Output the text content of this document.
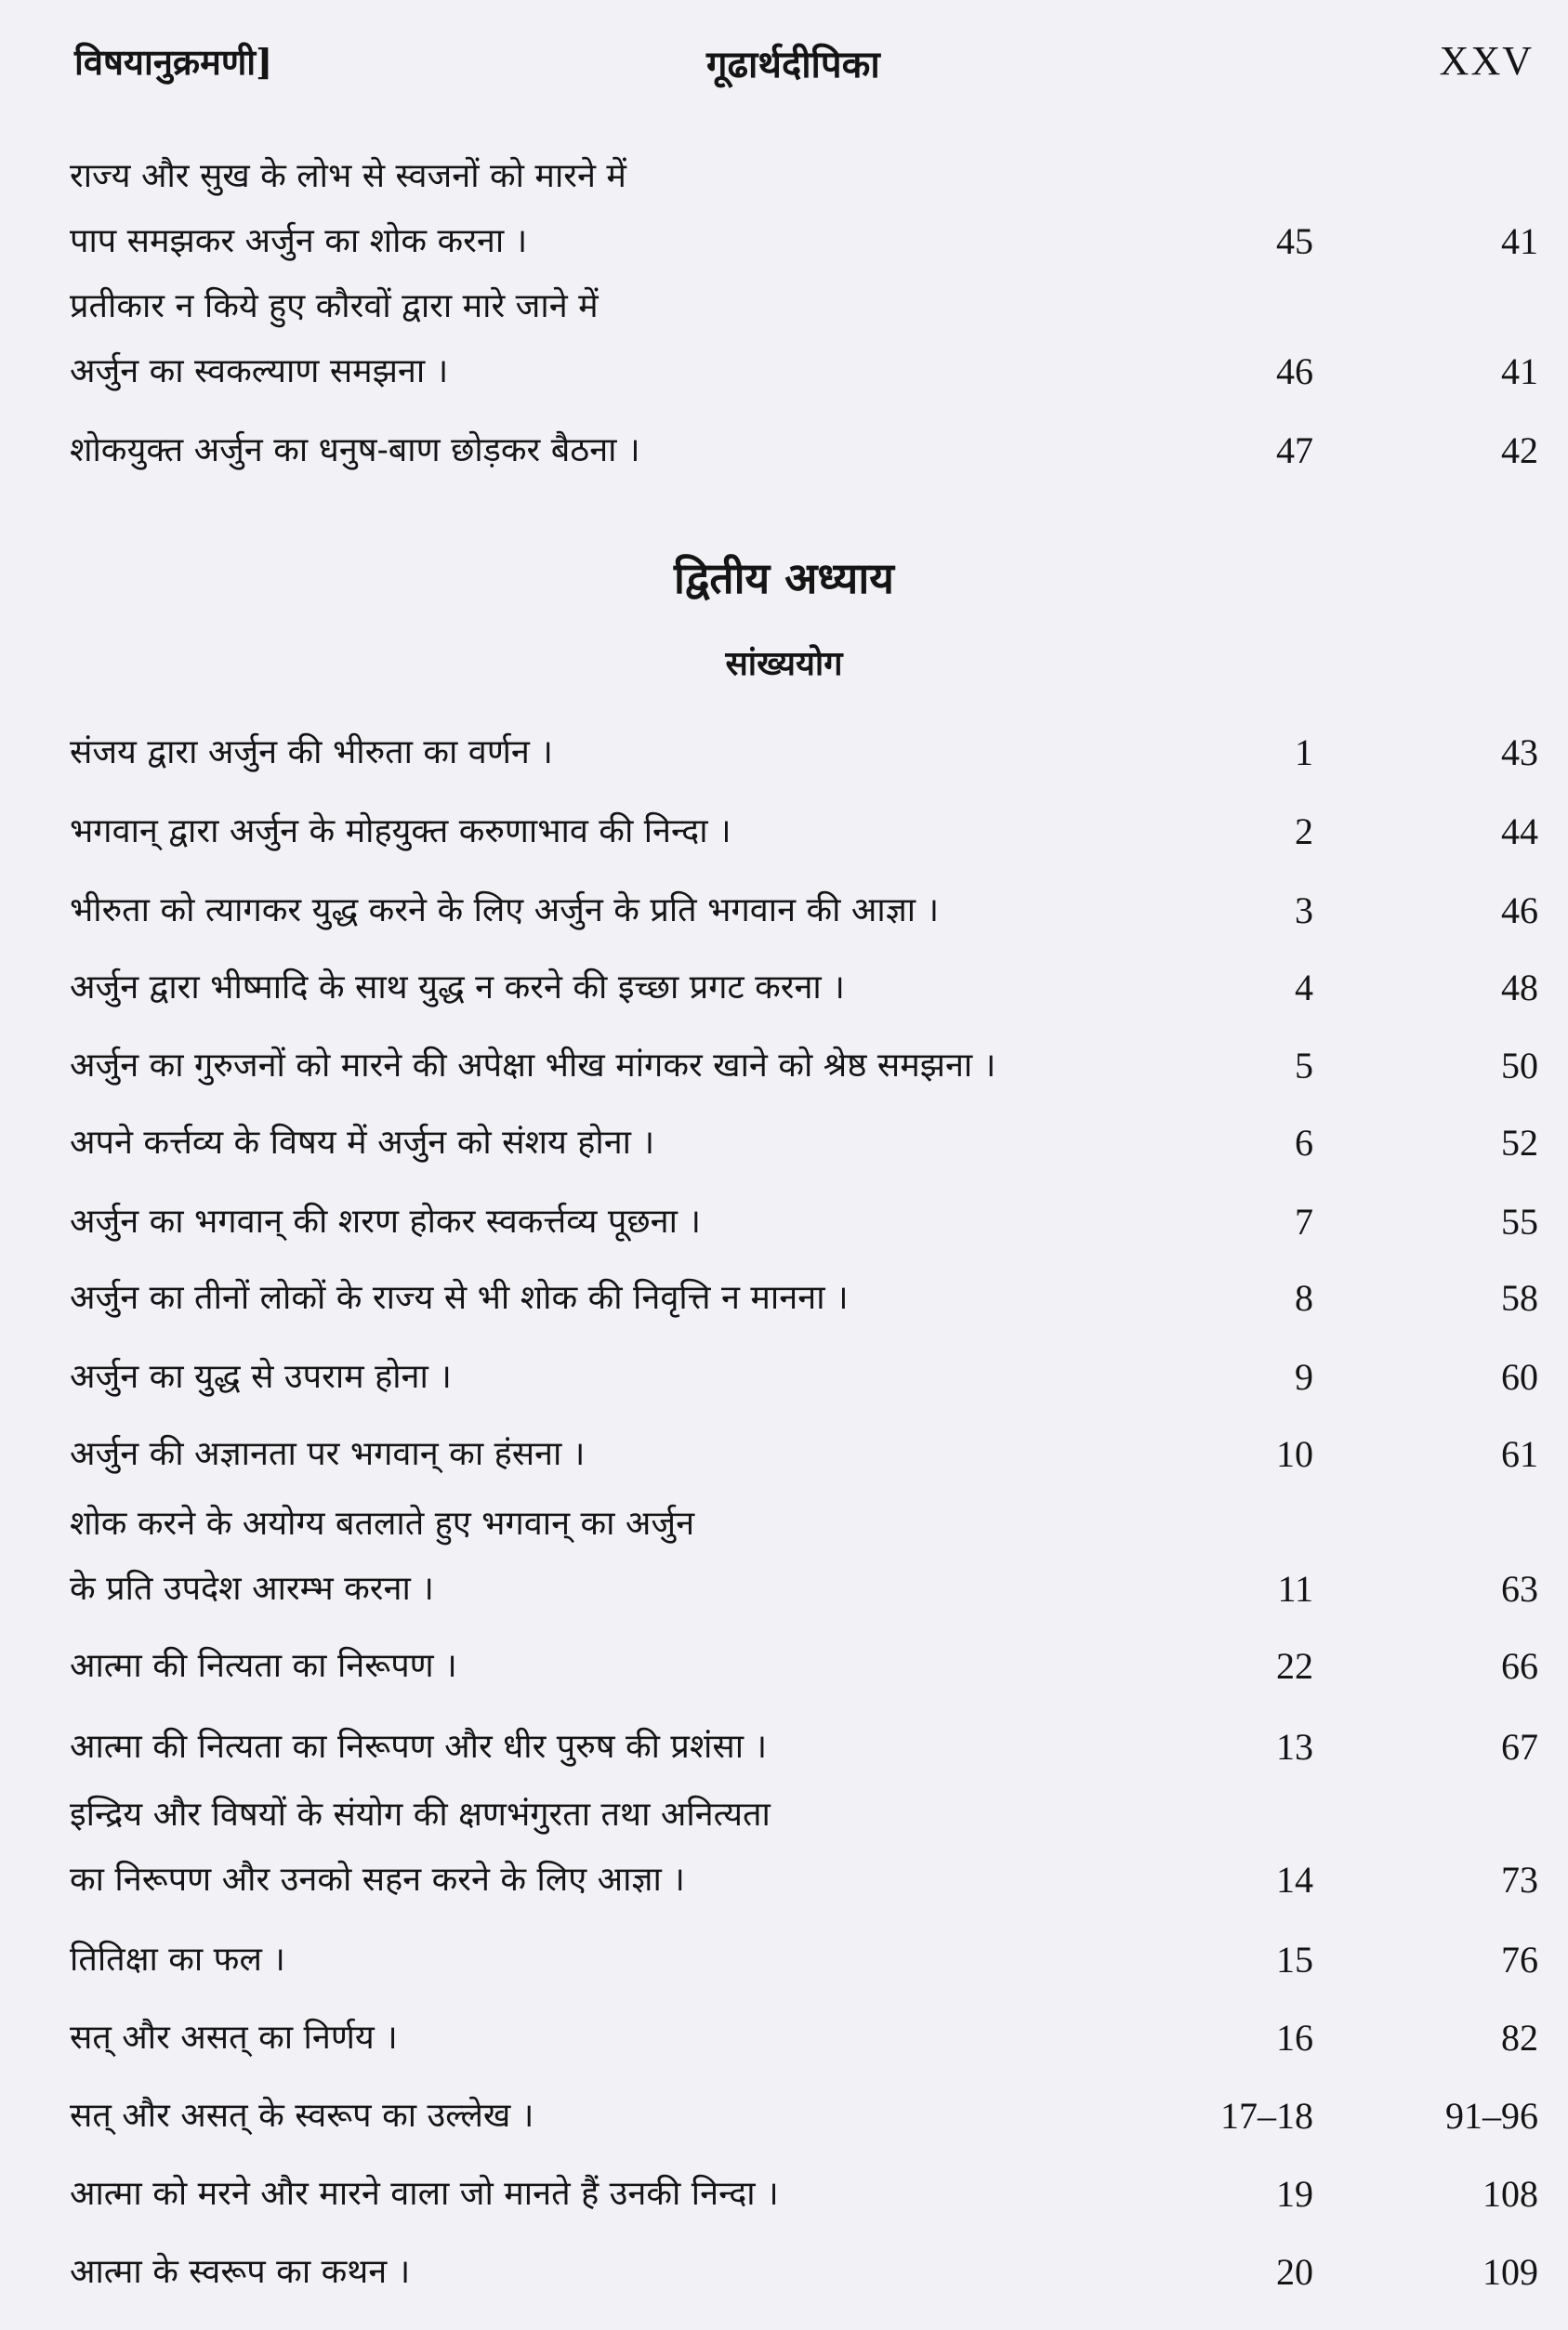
विषयानुक्रमणी]	गूढार्थदीपिका	XXV
राज्य और सुख के लोभ से स्वजनों को मारने में
पाप समझकर अर्जुन का शोक करना ।	45	41
प्रतीकार न किये हुए कौरवों द्वारा मारे जाने में
अर्जुन का स्वकल्याण समझना ।	46	41
शोकयुक्त अर्जुन का धनुष-बाण छोड़कर बैठना ।	47	42
द्वितीय अध्याय
सांख्ययोग
संजय द्वारा अर्जुन की भीरुता का वर्णन ।	1	43
भगवान् द्वारा अर्जुन के मोहयुक्त करुणाभाव की निन्दा ।	2	44
भीरुता को त्यागकर युद्ध करने के लिए अर्जुन के प्रति भगवान की आज्ञा ।	3	46
अर्जुन द्वारा भीष्मादि के साथ युद्ध न करने की इच्छा प्रगट करना ।	4	48
अर्जुन का गुरुजनों को मारने की अपेक्षा भीख मांगकर खाने को श्रेष्ठ समझना ।	5	50
अपने कर्त्तव्य के विषय में अर्जुन को संशय होना ।	6	52
अर्जुन का भगवान् की शरण होकर स्वकर्त्तव्य पूछना ।	7	55
अर्जुन का तीनों लोकों के राज्य से भी शोक की निवृत्ति न मानना ।	8	58
अर्जुन का युद्ध से उपराम होना ।	9	60
अर्जुन की अज्ञानता पर भगवान् का हंसना ।	10	61
शोक करने के अयोग्य बतलाते हुए भगवान् का अर्जुन
के प्रति उपदेश आरम्भ करना ।	11	63
आत्मा की नित्यता का निरूपण ।	22	66
आत्मा की नित्यता का निरूपण और धीर पुरुष की प्रशंसा ।	13	67
इन्द्रिय और विषयों के संयोग की क्षणभंगुरता तथा अनित्यता
का निरूपण और उनको सहन करने के लिए आज्ञा ।	14	73
तितिक्षा का फल ।	15	76
सत् और असत् का निर्णय ।	16	82
सत् और असत् के स्वरूप का उल्लेख ।	17–18	91–96
आत्मा को मरने और मारने वाला जो मानते हैं उनकी निन्दा ।	19	108
आत्मा के स्वरूप का कथन ।	20	109
